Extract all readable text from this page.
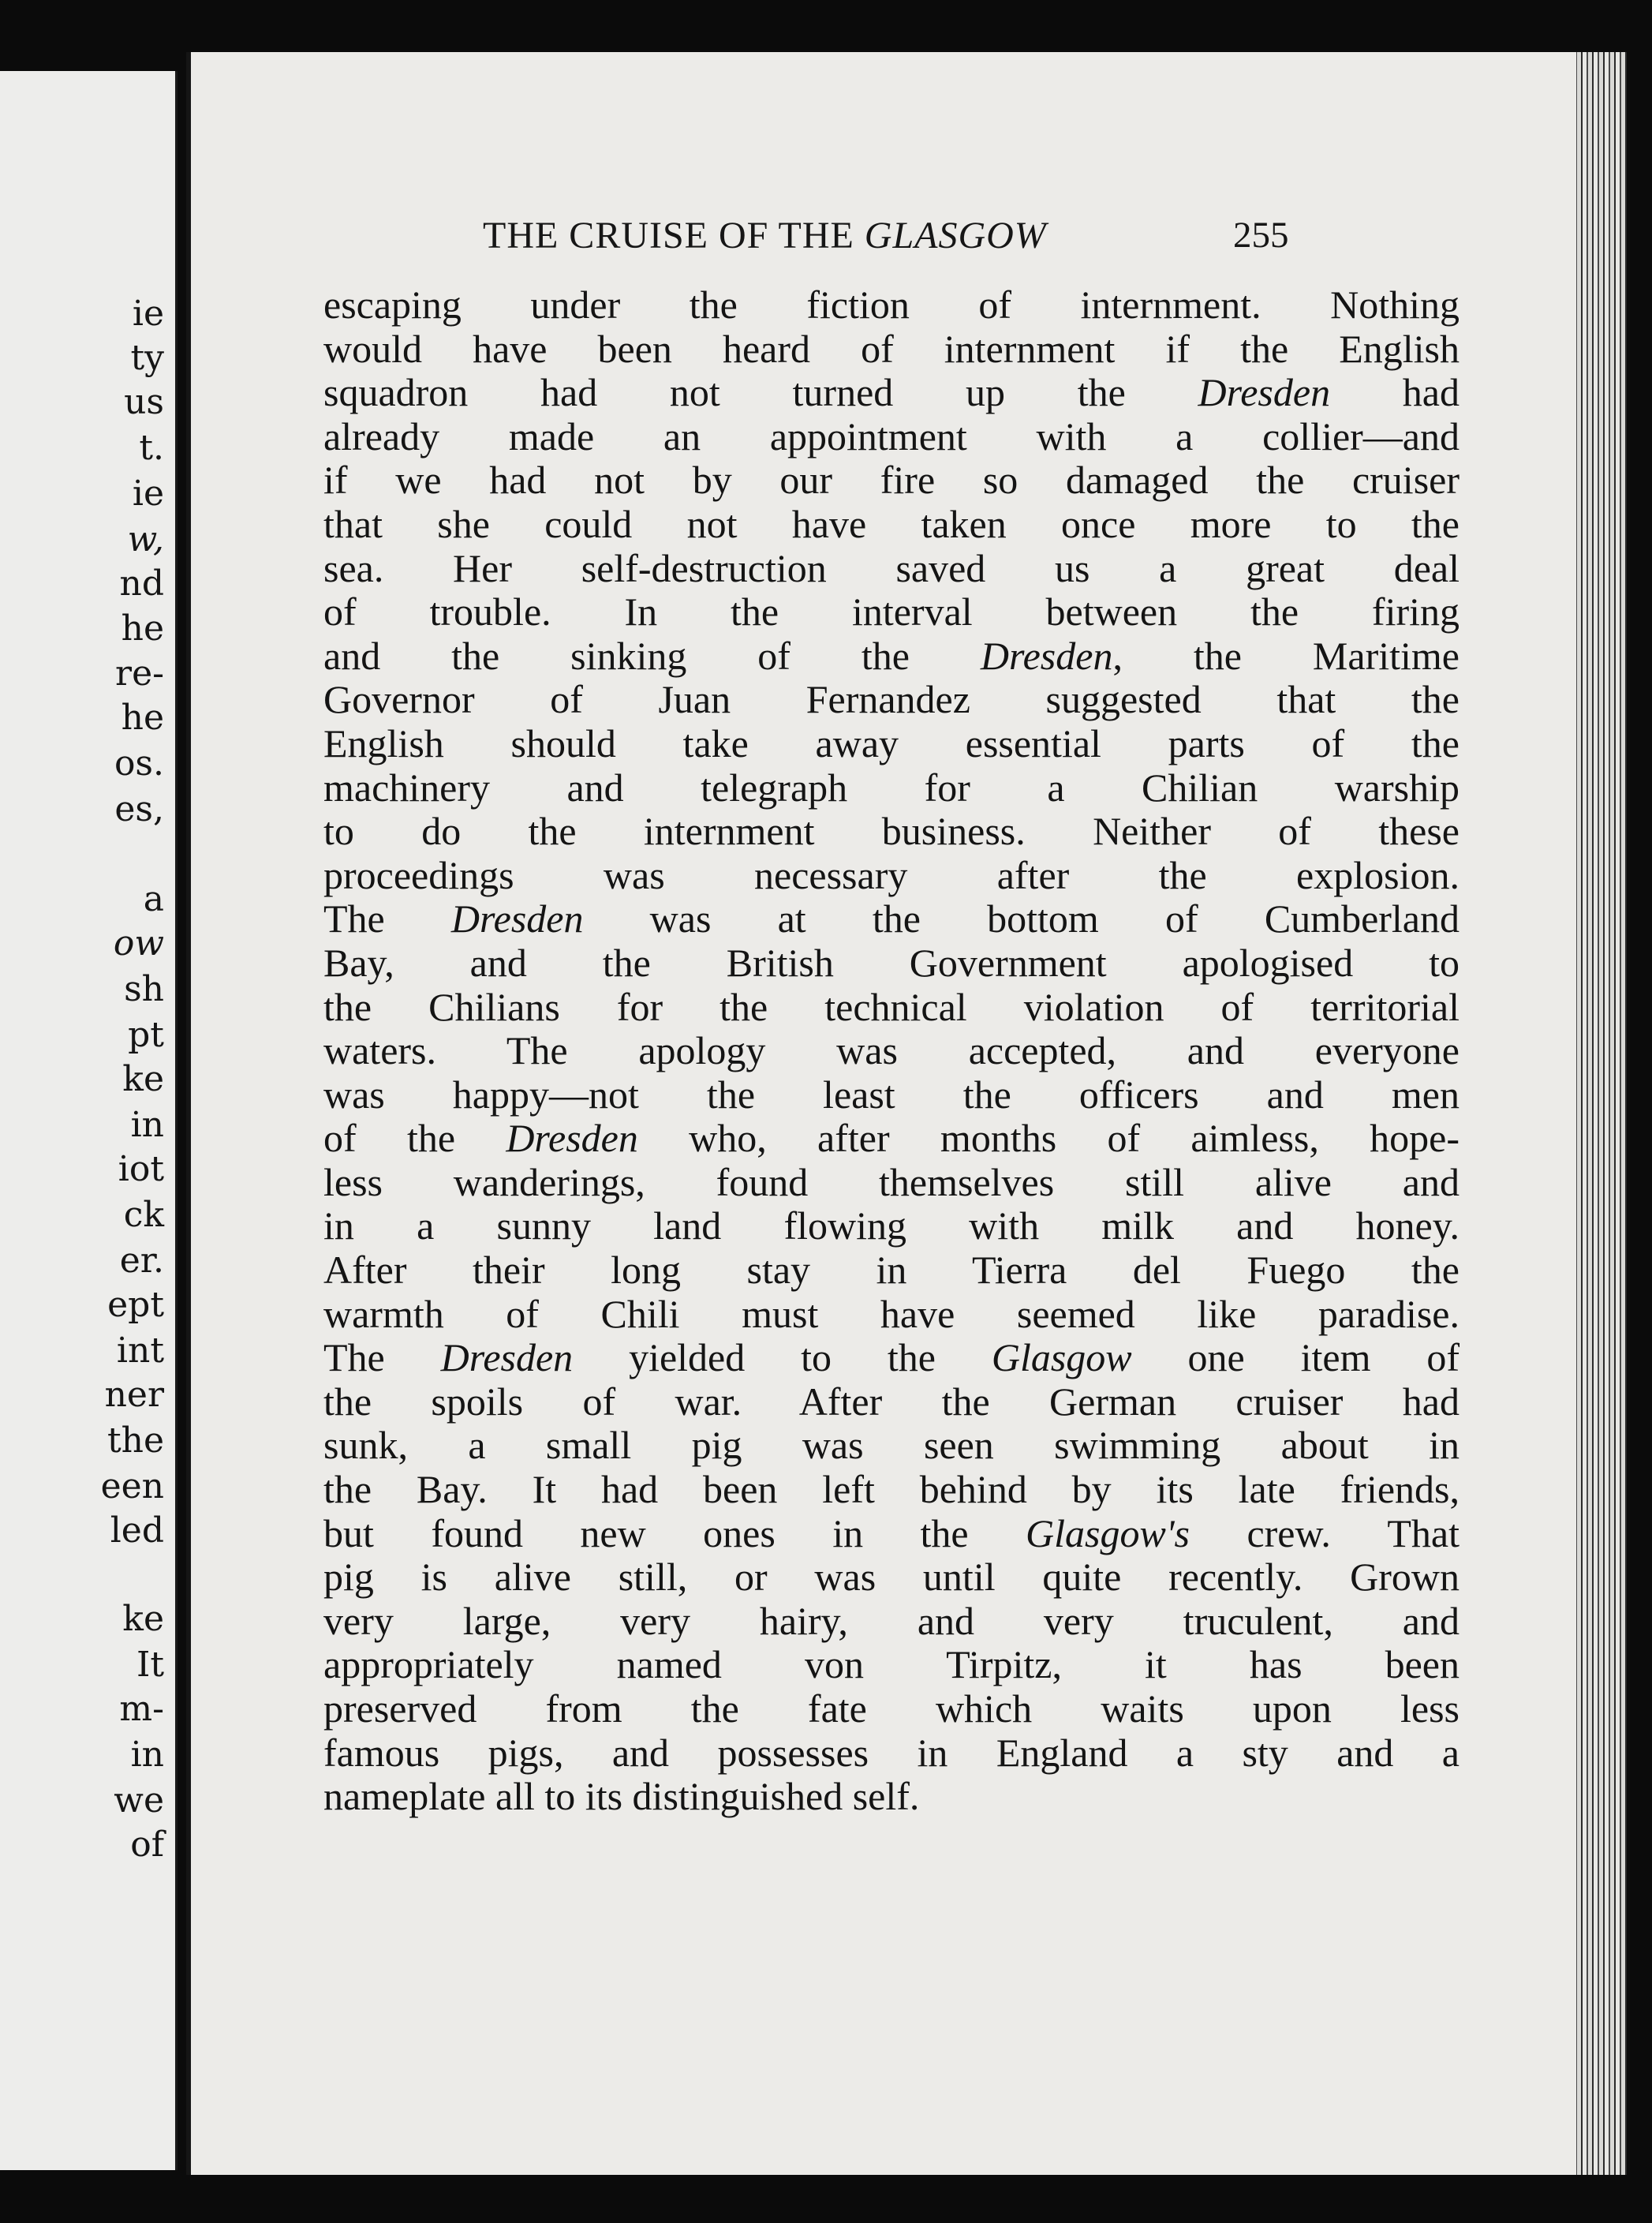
ie
ty
us
t.
ie
w,
nd
he
re-
he
os.
es,
a
ow
sh
pt
ke
in
iot
ck
er.
ept
int
ner
the
een
led
ke
It
m-
in
we
of
THE CRUISE OF THE GLASGOW	255
escaping under the fiction of internment. Nothing
would have been heard of internment if the English
squadron had not turned up the Dresden had
already made an appointment with a collier—and
if we had not by our fire so damaged the cruiser
that she could not have taken once more to the
sea. Her self-destruction saved us a great deal
of trouble. In the interval between the firing
and the sinking of the Dresden, the Maritime
Governor of Juan Fernandez suggested that the
English should take away essential parts of the
machinery and telegraph for a Chilian warship
to do the internment business. Neither of these
proceedings was necessary after the explosion.
The Dresden was at the bottom of Cumberland
Bay, and the British Government apologised to
the Chilians for the technical violation of territorial
waters. The apology was accepted, and everyone
was happy—not the least the officers and men
of the Dresden who, after months of aimless, hope-
less wanderings, found themselves still alive and
in a sunny land flowing with milk and honey.
After their long stay in Tierra del Fuego the
warmth of Chili must have seemed like paradise.
The Dresden yielded to the Glasgow one item of
the spoils of war. After the German cruiser had
sunk, a small pig was seen swimming about in
the Bay. It had been left behind by its late friends,
but found new ones in the Glasgow's crew. That
pig is alive still, or was until quite recently. Grown
very large, very hairy, and very truculent, and
appropriately named von Tirpitz, it has been
preserved from the fate which waits upon less
famous pigs, and possesses in England a sty and a
nameplate all to its distinguished self.
